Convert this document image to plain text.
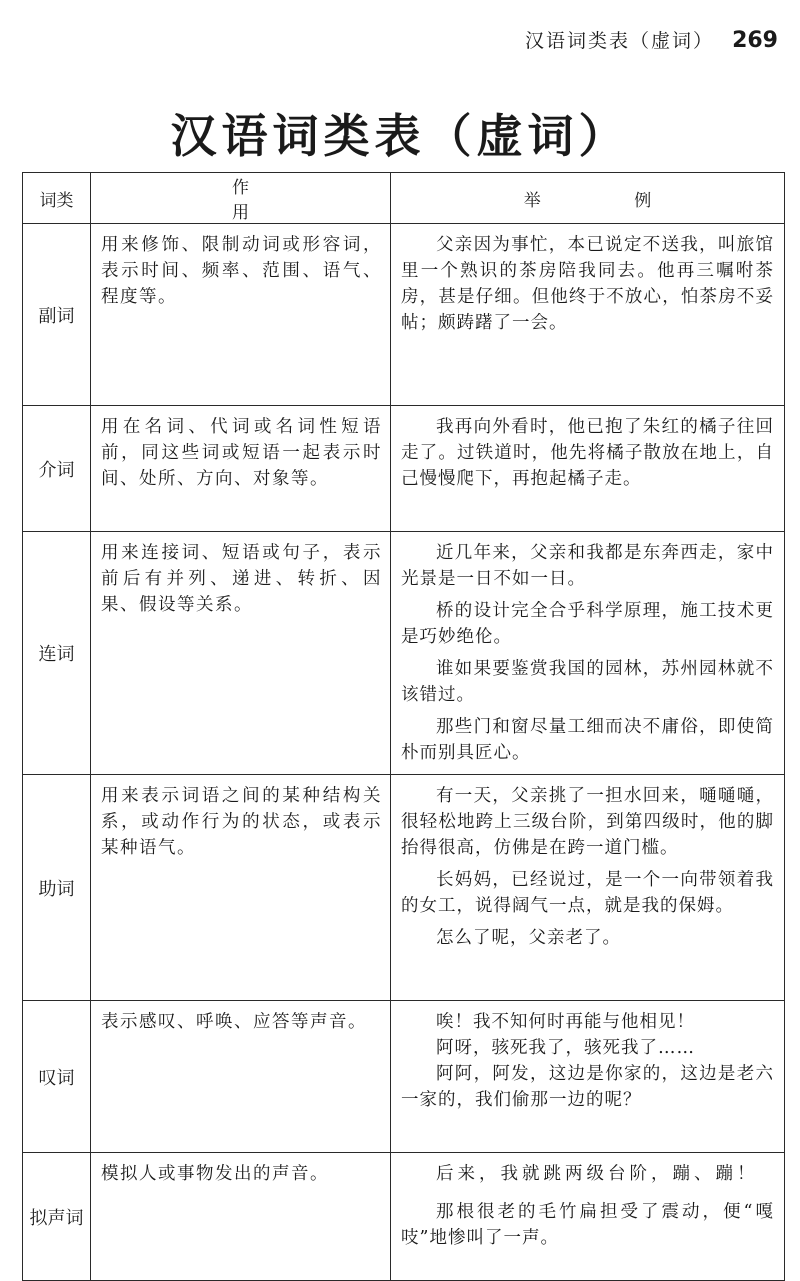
汉语词类表（虚词） 269
汉语词类表（虚词）
词类	作用	举例
副词	用来修饰、限制动词或形容词，表示时间、频率、范围、语气、程度等。	父亲因为事忙，本已说定不送我，叫旅馆里一个熟识的茶房陪我同去。他再三嘱咐茶房，甚是仔细。但他终于不放心，怕茶房不妥帖；颇踌躇了一会。

介词	用在名词、代词或名词性短语前，同这些词或短语一起表示时间、处所、方向、对象等。	我再向外看时，他已抱了朱红的橘子往回走了。过铁道时，他先将橘子散放在地上，自己慢慢爬下，再抱起橘子走。

连词	用来连接词、短语或句子，表示前后有并列、递进、转折、因果、假设等关系。	近几年来，父亲和我都是东奔西走，家中光景是一日不如一日。

桥的设计完全合乎科学原理，施工技术更是巧妙绝伦。

谁如果要鉴赏我国的园林，苏州园林就不该错过。

那些门和窗尽量工细而决不庸俗，即使简朴而别具匠心。

助词	用来表示词语之间的某种结构关系，或动作行为的状态，或表示某种语气。	有一天，父亲挑了一担水回来，嗵嗵嗵，很轻松地跨上三级台阶，到第四级时，他的脚抬得很高，仿佛是在跨一道门槛。

长妈妈，已经说过，是一个一向带领着我的女工，说得阔气一点，就是我的保姆。

怎么了呢，父亲老了。

叹词	表示感叹、呼唤、应答等声音。	唉！我不知何时再能与他相见！

阿呀，骇死我了，骇死我了……

阿阿，阿发，这边是你家的，这边是老六一家的，我们偷那一边的呢？

拟声词	模拟人或事物发出的声音。	后来，我就跳两级台阶，蹦、蹦！

那根很老的毛竹扁担受了震动，便“嘎吱”地惨叫了一声。
